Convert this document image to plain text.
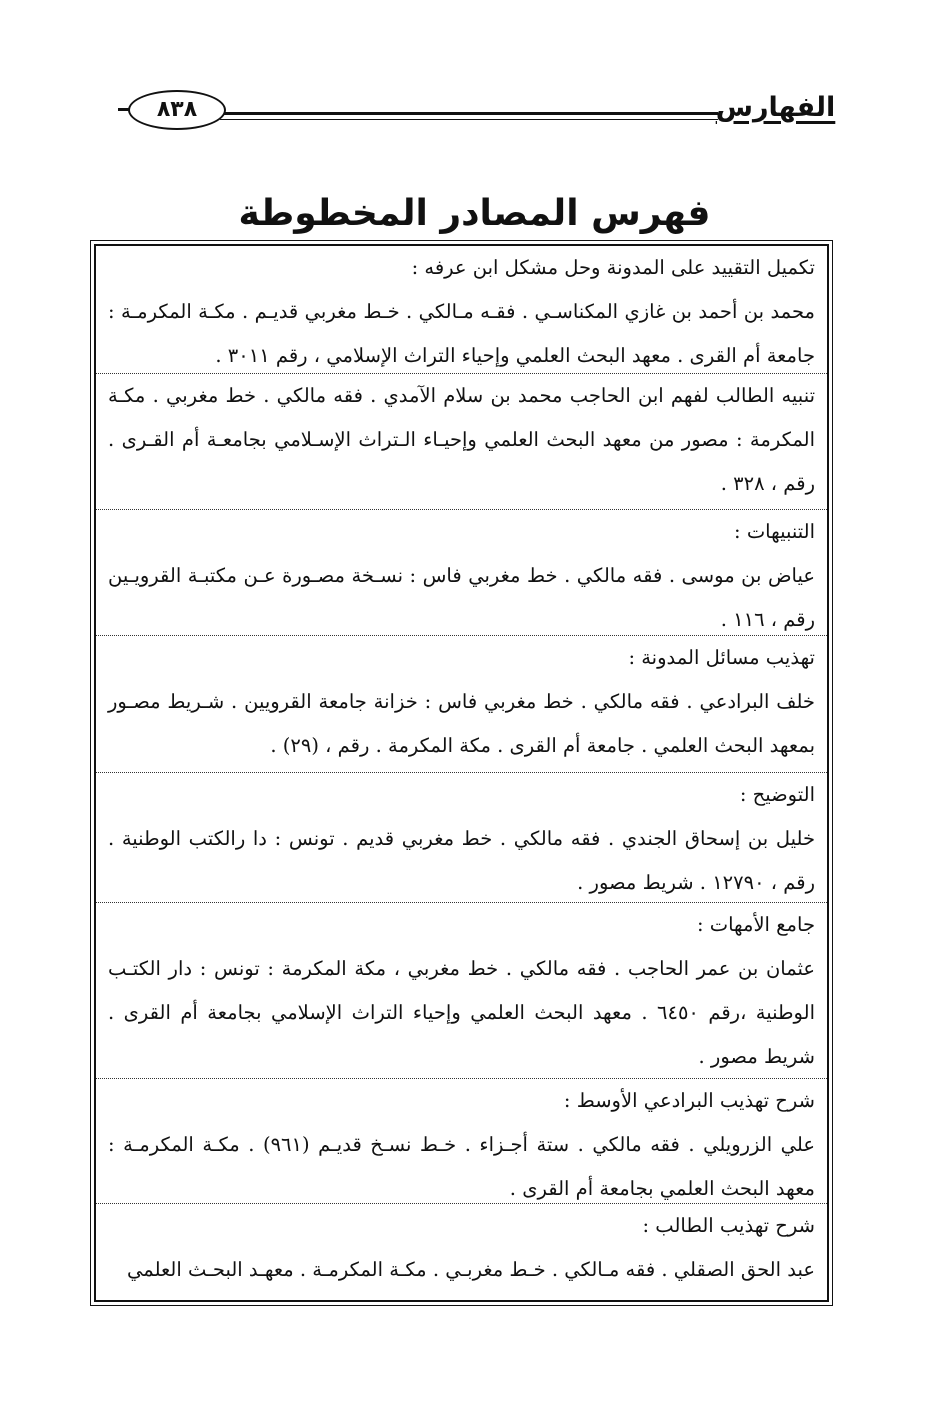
الفهارس
٨٣٨
فهرس المصادر المخطوطة

تكميل التقييد على المدونة وحل مشكل ابن عرفه :

محمد بن أحمد بن غازي المكناسـي . فقـه مـالكي . خـط مغربي قديـم . مكـة المكرمـة : جامعة أم القرى . معهد البحث العلمي وإحياء التراث الإسلامي ، رقم ٣٠١١ .

تنبيه الطالب لفهم ابن الحاجب محمد بن سلام الآمدي . فقه مالكي . خط مغربي . مكـة المكرمة : مصور من معهد البحث العلمي وإحيـاء الـتراث الإسـلامي بجامعـة أم القـرى . رقم ، ٣٢٨ .

التنبيهات :

عياض بن موسى . فقه مالكي . خط مغربي فاس : نسـخة مصـورة عـن مكتبـة القرويـين رقم ، ١١٦ .

تهذيب مسائل المدونة :

خلف البرادعي . فقه مالكي . خط مغربي فاس : خزانة جامعة القرويين . شـريط مصـور بمعهد البحث العلمي . جامعة أم القرى . مكة المكرمة . رقم ، (٢٩) .

التوضيح :

خليل بن إسحاق الجندي . فقه مالكي . خط مغربي قديم . تونس : دا رالكتب الوطنية . رقم ، ١٢٧٩٠ . شريط مصور .

جامع الأمهات :

عثمان بن عمر الحاجب . فقه مالكي . خط مغربي ، مكة المكرمة : تونس : دار الكتـب الوطنية ،رقم ٦٤٥٠ . معهد البحث العلمي وإحياء التراث الإسلامي بجامعة أم القرى . شريط مصور .

شرح تهذيب البرادعي الأوسط :

علي الزرويلي . فقه مالكي . ستة أجـزاء . خـط نسـخ قديـم (٩٦١) . مكـة المكرمـة : معهد البحث العلمي بجامعة أم القرى .

شرح تهذيب الطالب :

عبد الحق الصقلي . فقه مـالكي . خـط مغربـي . مكـة المكرمـة . معهـد البحـث العلمي
